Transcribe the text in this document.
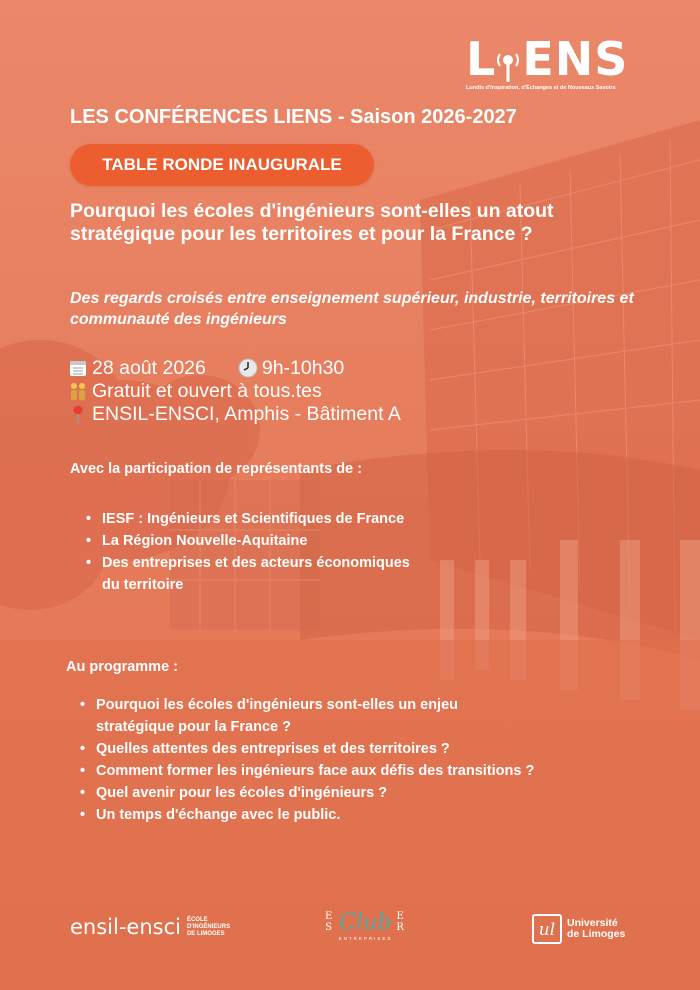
L ENS
Lundis d'Inspiration, d'Échanges et de Nouveaux Savoirs
LES CONFÉRENCES LIENS - Saison 2026-2027
TABLE RONDE INAUGURALE
Pourquoi les écoles d'ingénieurs sont-elles un atout stratégique pour les territoires et pour la France ?
Des regards croisés entre enseignement supérieur, industrie, territoires et communauté des ingénieurs
28 août 2026	9h-10h30
Gratuit et ouvert à tous.tes
ENSIL-ENSCI, Amphis - Bâtiment A
Avec la participation de représentants de :
• IESF : Ingénieurs et Scientifiques de France
• La Région Nouvelle-Aquitaine
• Des entreprises et des acteurs économiques du territoire
Au programme :
• Pourquoi les écoles d'ingénieurs sont-elles un enjeu stratégique pour la France ?
• Quelles attentes des entreprises et des territoires ?
• Comment former les ingénieurs face aux défis des transitions ?
• Quel avenir pour les écoles d'ingénieurs ?
• Un temps d'échange avec le public.
ensil-ensci ÉCOLE
D'INGÉNIEURS
DE LIMOGES
E S Club E R
ENTREPRISES	ul	Université
de Limoges
